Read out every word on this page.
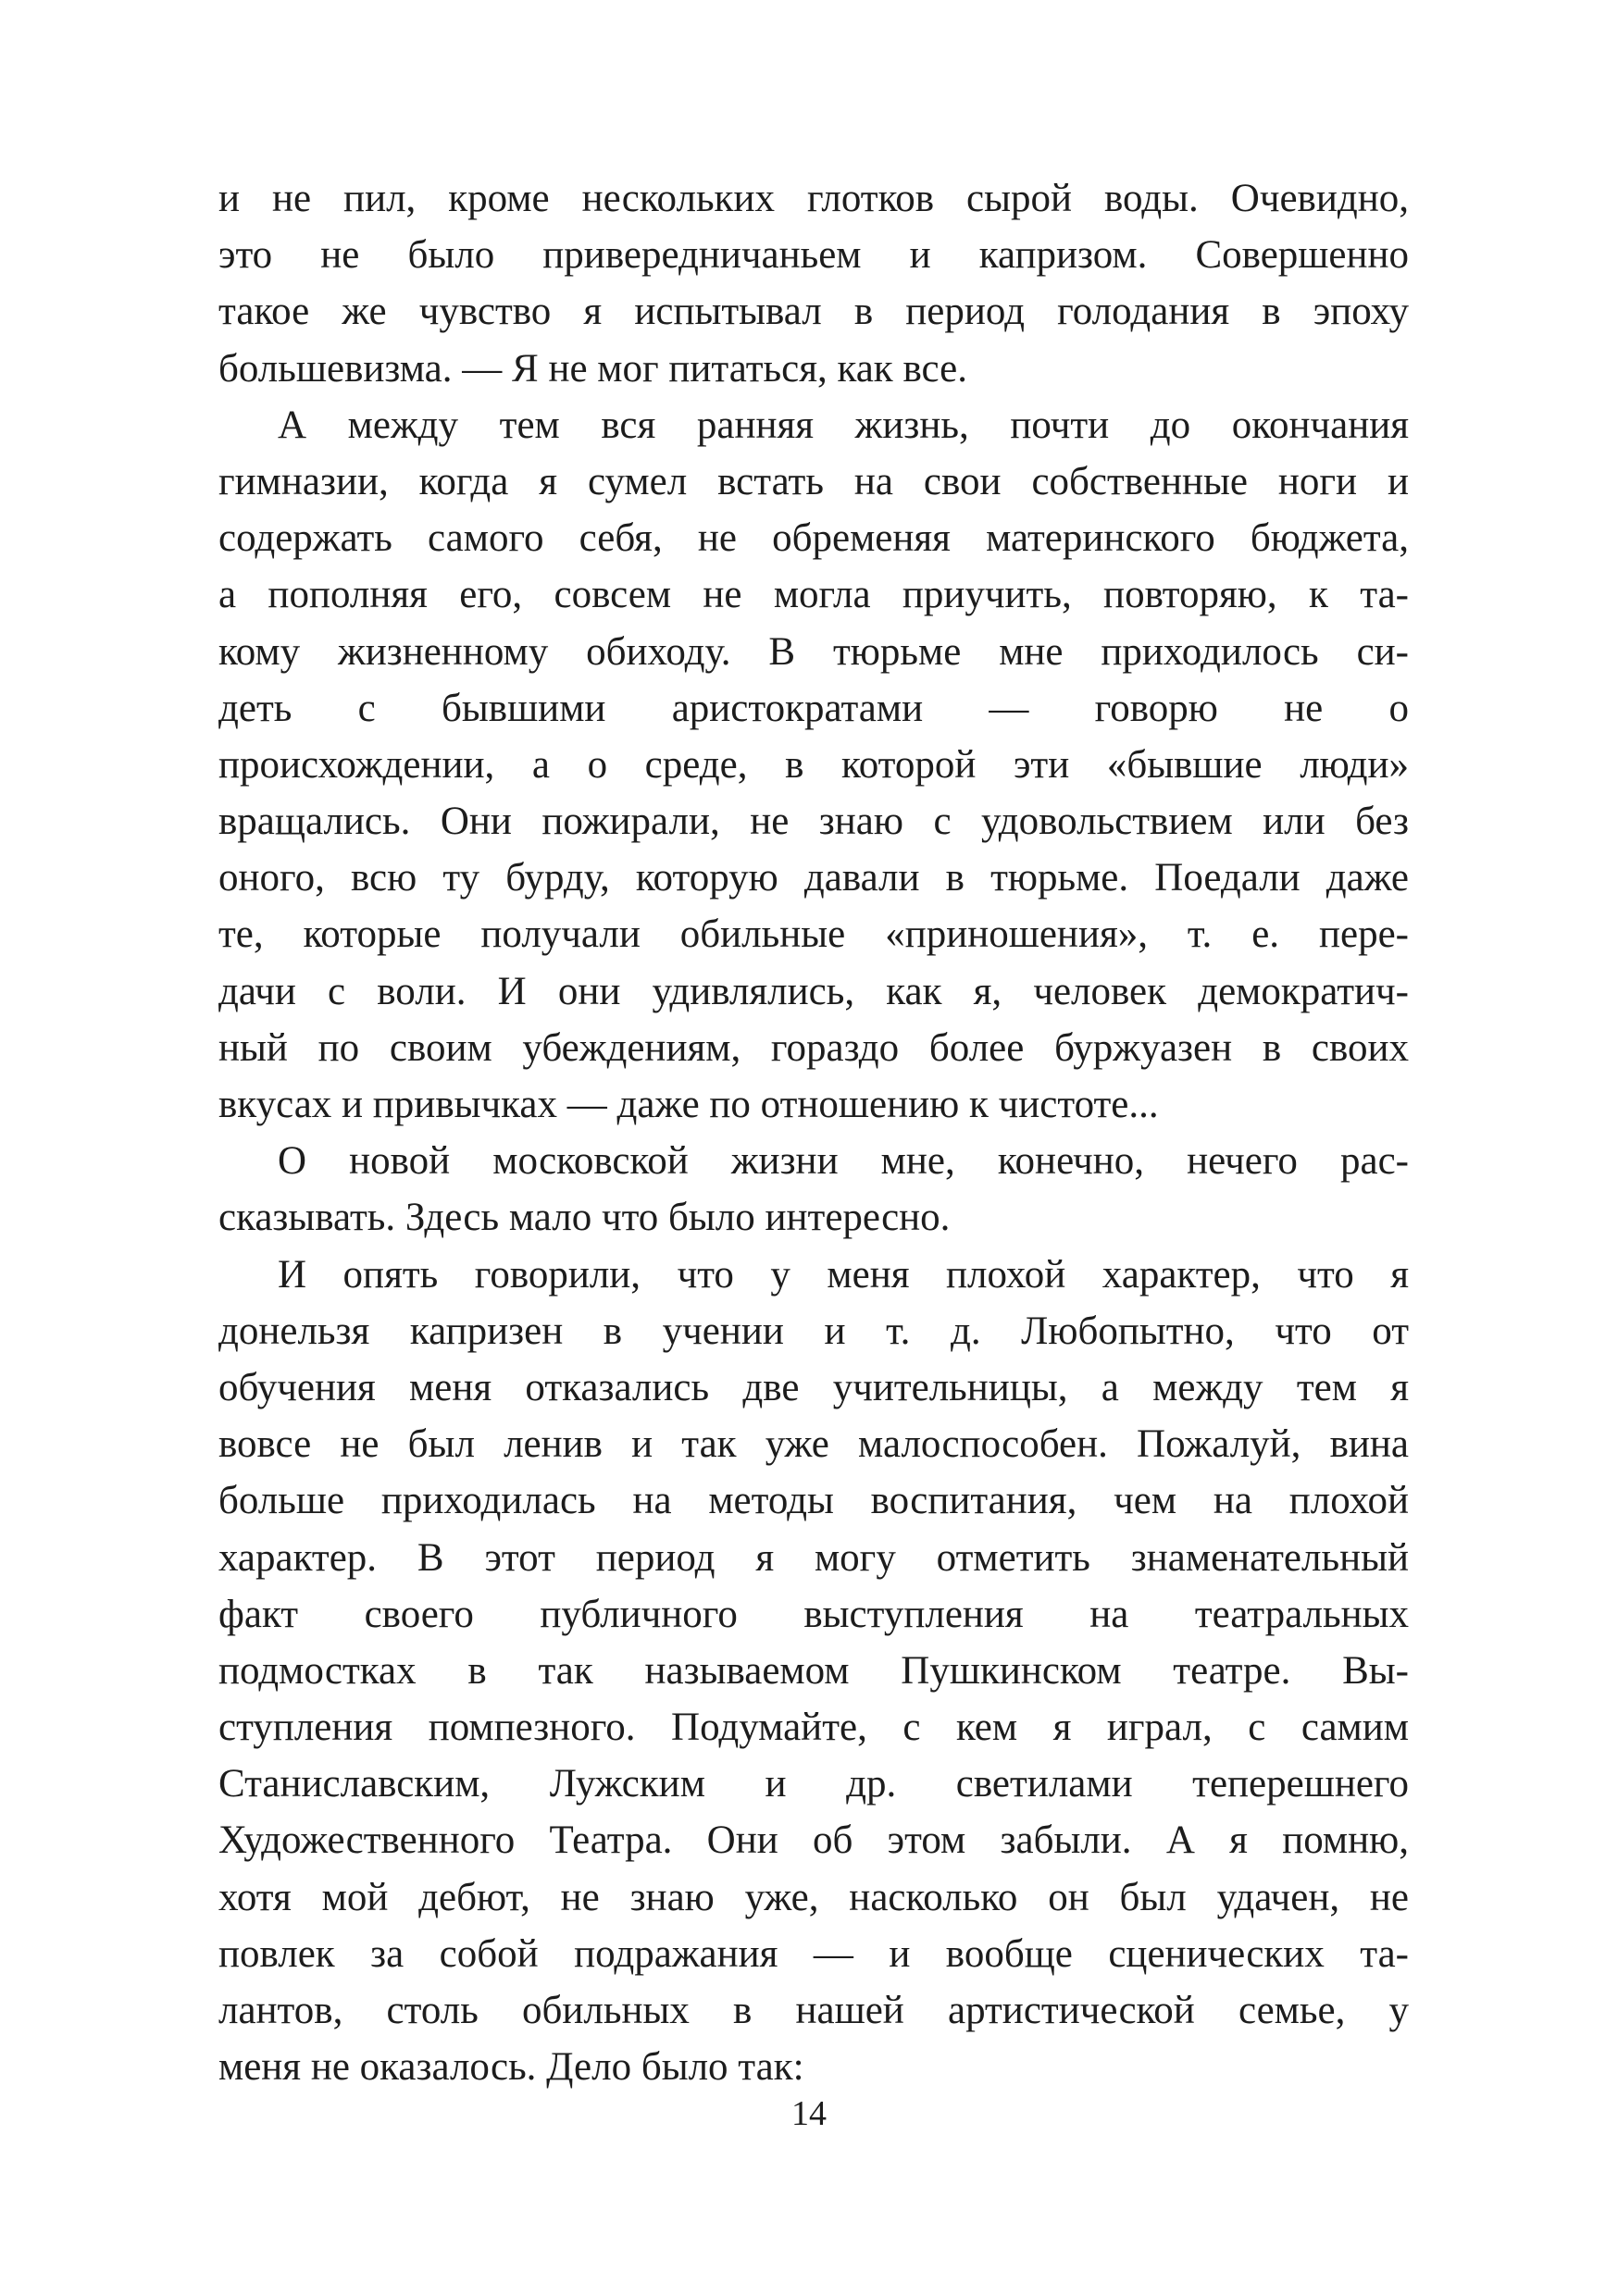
и не пил, кроме нескольких глотков сырой воды. Очевидно,
это не было привередничаньем и капризом. Совершенно
такое же чувство я испытывал в период голодания в эпоху
большевизма. — Я не мог питаться, как все.
А между тем вся ранняя жизнь, почти до окончания
гимназии, когда я сумел встать на свои собственные ноги и
содержать самого себя, не обременяя материнского бюджета,
а пополняя его, совсем не могла приучить, повторяю, к та-
кому жизненному обиходу. В тюрьме мне приходилось си-
деть с бывшими аристократами — говорю не о
происхождении, а о среде, в которой эти «бывшие люди»
вращались. Они пожирали, не знаю с удовольствием или без
оного, всю ту бурду, которую давали в тюрьме. Поедали даже
те, которые получали обильные «приношения», т. е. пере-
дачи с воли. И они удивлялись, как я, человек демократич-
ный по своим убеждениям, гораздо более буржуазен в своих
вкусах и привычках — даже по отношению к чистоте...
О новой московской жизни мне, конечно, нечего рас-
сказывать. Здесь мало что было интересно.
И опять говорили, что у меня плохой характер, что я
донельзя капризен в учении и т. д. Любопытно, что от
обучения меня отказались две учительницы, а между тем я
вовсе не был ленив и так уже малоспособен. Пожалуй, вина
больше приходилась на методы воспитания, чем на плохой
характер. В этот период я могу отметить знаменательный
факт своего публичного выступления на театральных
подмостках в так называемом Пушкинском театре. Вы-
ступления помпезного. Подумайте, с кем я играл, с самим
Станиславским, Лужским и др. светилами теперешнего
Художественного Театра. Они об этом забыли. А я помню,
хотя мой дебют, не знаю уже, насколько он был удачен, не
повлек за собой подражания — и вообще сценических та-
лантов, столь обильных в нашей артистической семье, у
меня не оказалось. Дело было так:
14
